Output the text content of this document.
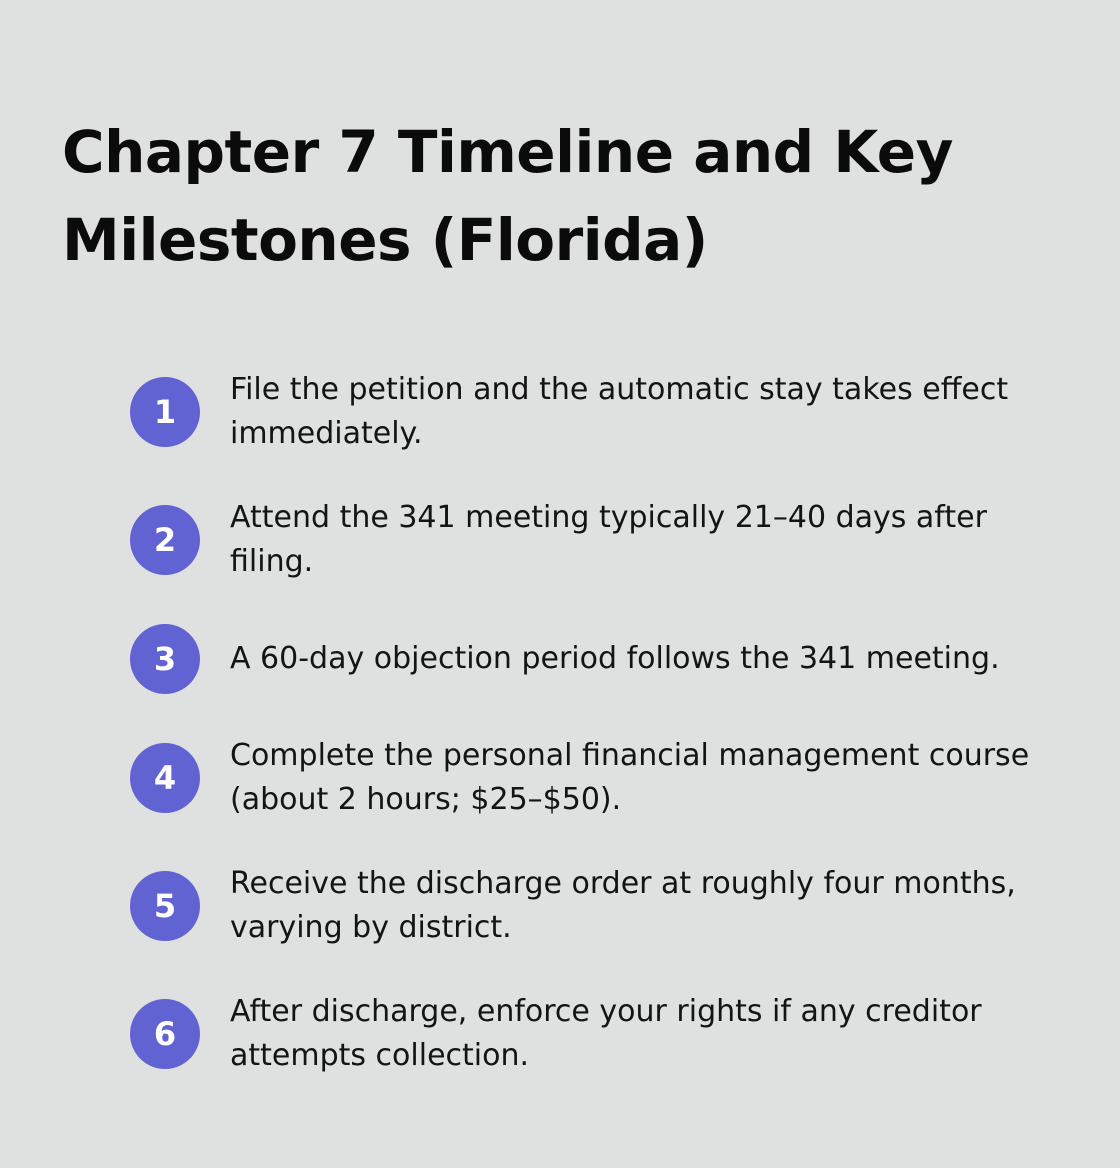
Chapter 7 Timeline and Key Milestones (Florida)
1
File the petition and the automatic stay takes effect immediately.
2
Attend the 341 meeting typically 21–40 days after filing.
3	A 60-day objection period follows the 341 meeting.
4
Complete the personal financial management course (about 2 hours; $25–$50).
5
Receive the discharge order at roughly four months, varying by district.
6
After discharge, enforce your rights if any creditor attempts collection.
